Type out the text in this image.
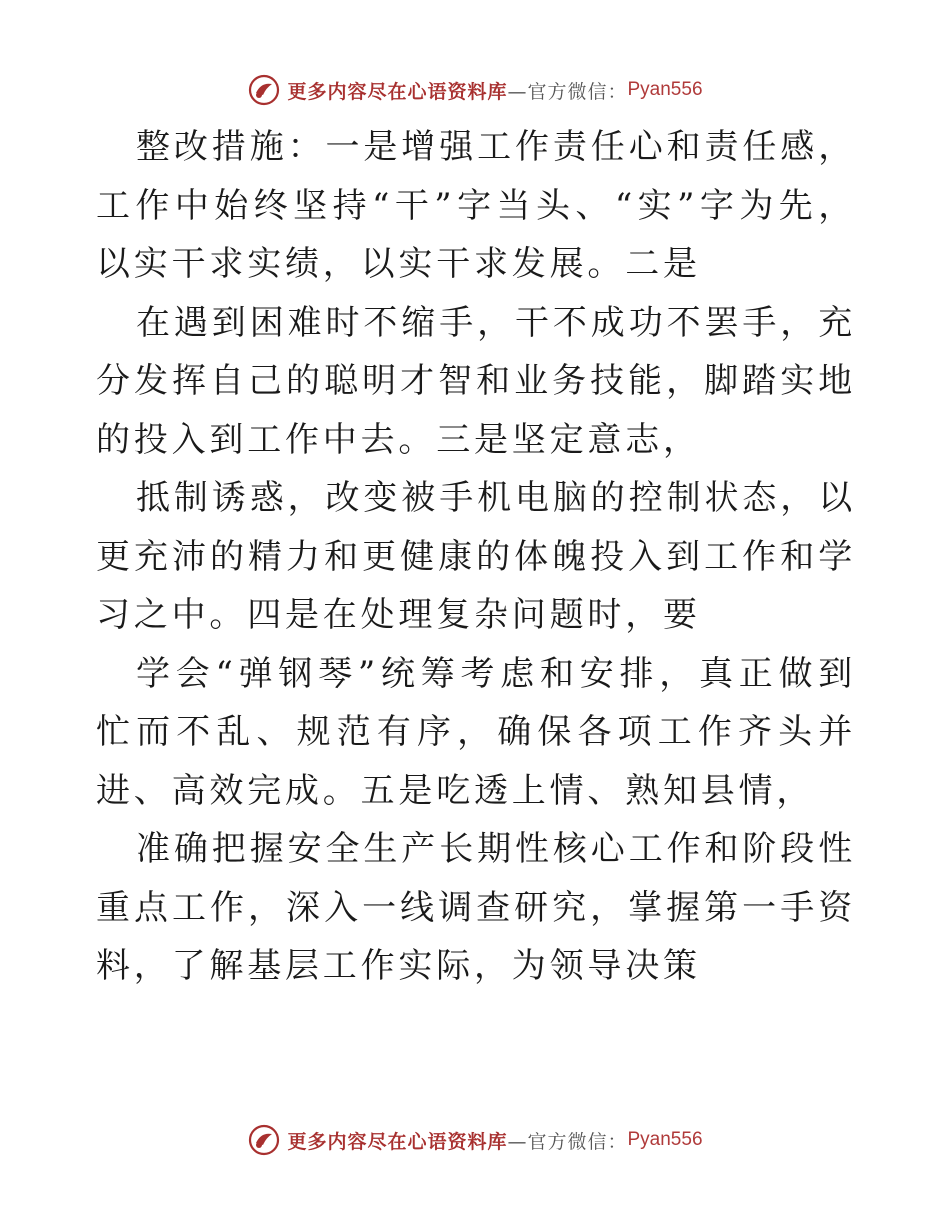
更多内容尽在心语资料库 —官方微信： Pyan556

整改措施：一是增强工作责任心和责任感，工作中始终坚持“干”字当头、“实”字为先，以实干求实绩，以实干求发展。二是

在遇到困难时不缩手，干不成功不罢手，充分发挥自己的聪明才智和业务技能，脚踏实地的投入到工作中去。三是坚定意志，

抵制诱惑，改变被手机电脑的控制状态，以更充沛的精力和更健康的体魄投入到工作和学习之中。四是在处理复杂问题时，要

学会“弹钢琴”统筹考虑和安排，真正做到忙而不乱、规范有序，确保各项工作齐头并进、高效完成。五是吃透上情、熟知县情，

准确把握安全生产长期性核心工作和阶段性重点工作，深入一线调查研究，掌握第一手资料，了解基层工作实际，为领导决策

更多内容尽在心语资料库 —官方微信： Pyan556
